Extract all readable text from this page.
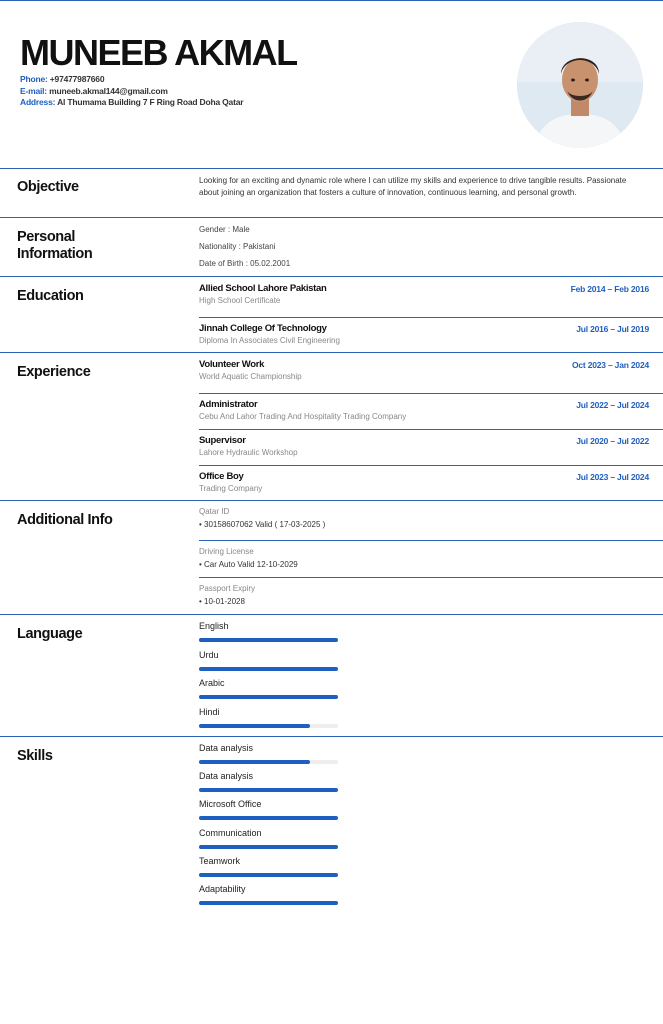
MUNEEB AKMAL
Phone: +97477987660
E-mail: muneeb.akmal144@gmail.com
Address: Al Thumama Building 7 F Ring Road Doha Qatar
Objective	Looking for an exciting and dynamic role where I can utilize my skills and experience to drive tangible results. Passionate about joining an organization that fosters a culture of innovation, continuous learning, and personal growth.
Personal
Information
Gender : Male
Nationality : Pakistani
Date of Birth : 05.02.2001
Education	Allied School Lahore Pakistan
High School Certificate
Feb 2014 – Feb 2016
Jinnah College Of Technology
Diploma In Associates Civil Engineering
Jul 2016 – Jul 2019
Experience	Volunteer Work
World Aquatic Championship
Oct 2023 – Jan 2024
Administrator
Cebu And Lahor Trading And Hospitality Trading Company
Jul 2022 – Jul 2024
Supervisor
Lahore Hydraulic Workshop
Jul 2020 – Jul 2022
Office Boy
Trading Company
Jul 2023 – Jul 2024
Additional Info
Qatar ID
• 30158607062 Valid ( 17-03-2025 )
Driving License
• Car Auto Valid 12-10-2029
Passport Expiry
• 10-01-2028
Language	English
Urdu
Arabic
Hindi
Skills	Data analysis
Data analysis
Microsoft Office
Communication
Teamwork
Adaptability
